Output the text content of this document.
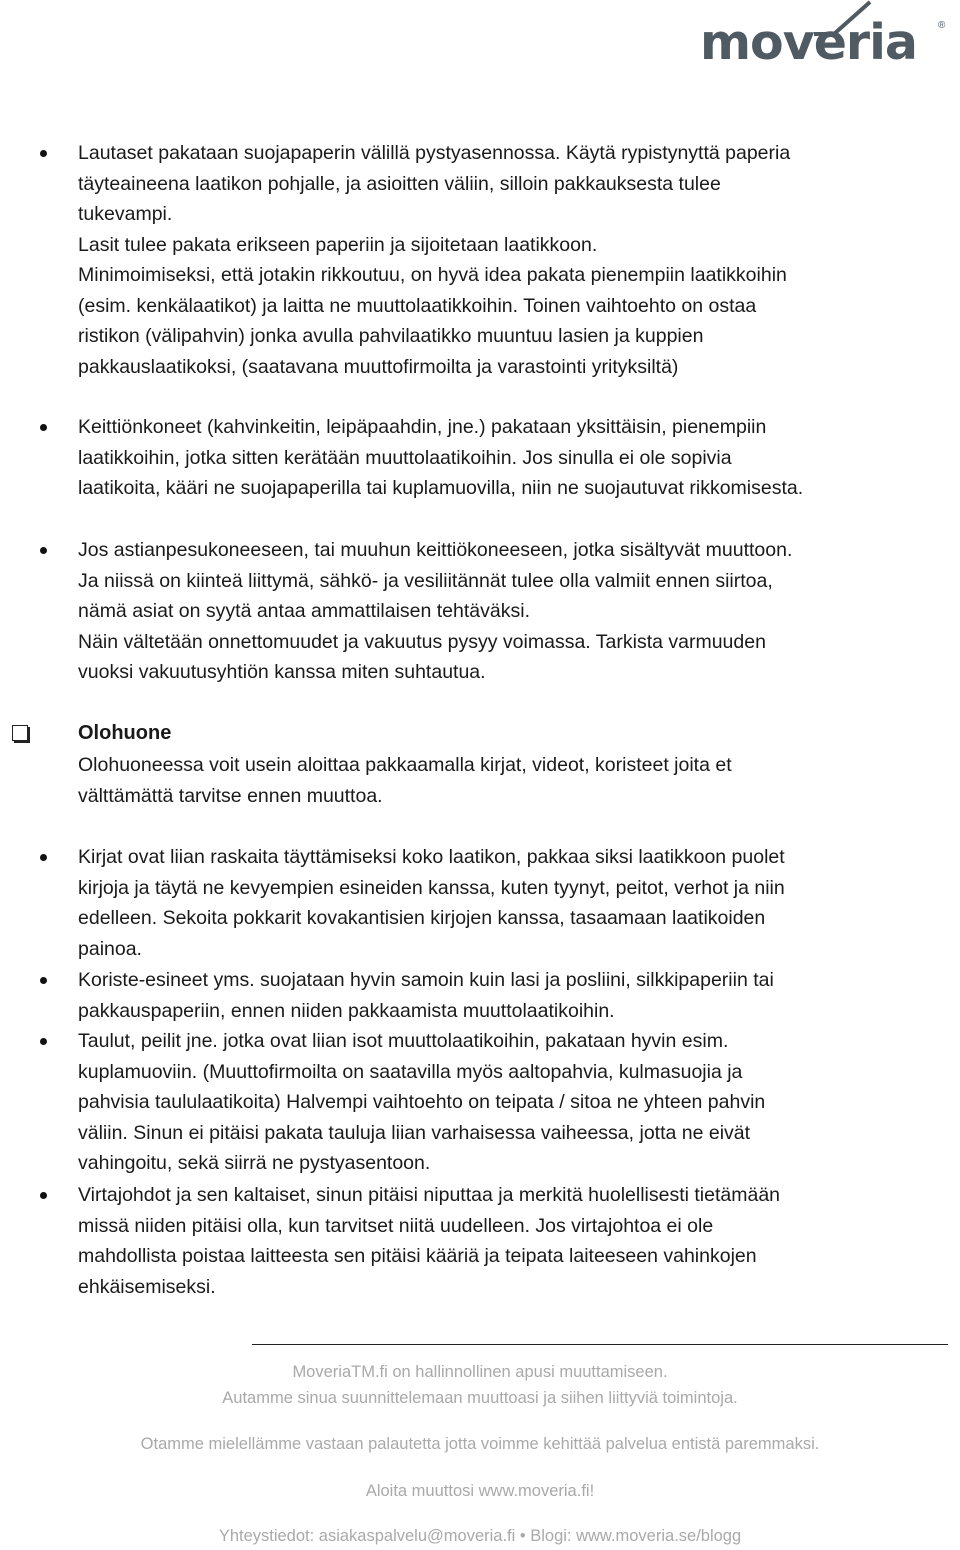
moveria ®

Lautaset pakataan suojapaperin välillä pystyasennossa. Käytä rypistynyttä paperia
täyteaineena laatikon pohjalle, ja asioitten väliin, silloin pakkauksesta tulee
tukevampi.
Lasit tulee pakata erikseen paperiin ja sijoitetaan laatikkoon.
Minimoimiseksi, että jotakin rikkoutuu, on hyvä idea pakata pienempiin laatikkoihin
(esim. kenkälaatikot) ja laitta ne muuttolaatikkoihin. Toinen vaihtoehto on ostaa
ristikon (välipahvin) jonka avulla pahvilaatikko muuntuu lasien ja kuppien
pakkauslaatikoksi, (saatavana muuttofirmoilta ja varastointi yrityksiltä)

Keittiönkoneet (kahvinkeitin, leipäpaahdin, jne.) pakataan yksittäisin, pienempiin
laatikkoihin, jotka sitten kerätään muuttolaatikoihin. Jos sinulla ei ole sopivia
laatikoita, kääri ne suojapaperilla tai kuplamuovilla, niin ne suojautuvat rikkomisesta.

Jos astianpesukoneeseen, tai muuhun keittiökoneeseen, jotka sisältyvät muuttoon.
Ja niissä on kiinteä liittymä, sähkö- ja vesiliitännät tulee olla valmiit ennen siirtoa,
nämä asiat on syytä antaa ammattilaisen tehtäväksi.
Näin vältetään onnettomuudet ja vakuutus pysyy voimassa. Tarkista varmuuden
vuoksi vakuutusyhtiön kanssa miten suhtautua.

Olohuone

Olohuoneessa voit usein aloittaa pakkaamalla kirjat, videot, koristeet joita et
välttämättä tarvitse ennen muuttoa.

Kirjat ovat liian raskaita täyttämiseksi koko laatikon, pakkaa siksi laatikkoon puolet
kirjoja ja täytä ne kevyempien esineiden kanssa, kuten tyynyt, peitot, verhot ja niin
edelleen. Sekoita pokkarit kovakantisien kirjojen kanssa, tasaamaan laatikoiden
painoa.

Koriste-esineet yms. suojataan hyvin samoin kuin lasi ja posliini, silkkipaperiin tai
pakkauspaperiin, ennen niiden pakkaamista muuttolaatikoihin.

Taulut, peilit jne. jotka ovat liian isot muuttolaatikoihin, pakataan hyvin esim.
kuplamuoviin. (Muuttofirmoilta on saatavilla myös aaltopahvia, kulmasuojia ja
pahvisia taululaatikoita) Halvempi vaihtoehto on teipata / sitoa ne yhteen pahvin
väliin. Sinun ei pitäisi pakata tauluja liian varhaisessa vaiheessa, jotta ne eivät
vahingoitu, sekä siirrä ne pystyasentoon.

Virtajohdot ja sen kaltaiset, sinun pitäisi niputtaa ja merkitä huolellisesti tietämään
missä niiden pitäisi olla, kun tarvitset niitä uudelleen. Jos virtajohtoa ei ole
mahdollista poistaa laitteesta sen pitäisi kääriä ja teipata laiteeseen vahinkojen
ehkäisemiseksi.

MoveriaTM.fi on hallinnollinen apusi muuttamiseen.
Autamme sinua suunnittelemaan muuttoasi ja siihen liittyviä toimintoja.
Otamme mielellämme vastaan palautetta jotta voimme kehittää palvelua entistä paremmaksi.
Aloita muuttosi www.moveria.fi!
Yhteystiedot: asiakaspalvelu@moveria.fi • Blogi: www.moveria.se/blogg
